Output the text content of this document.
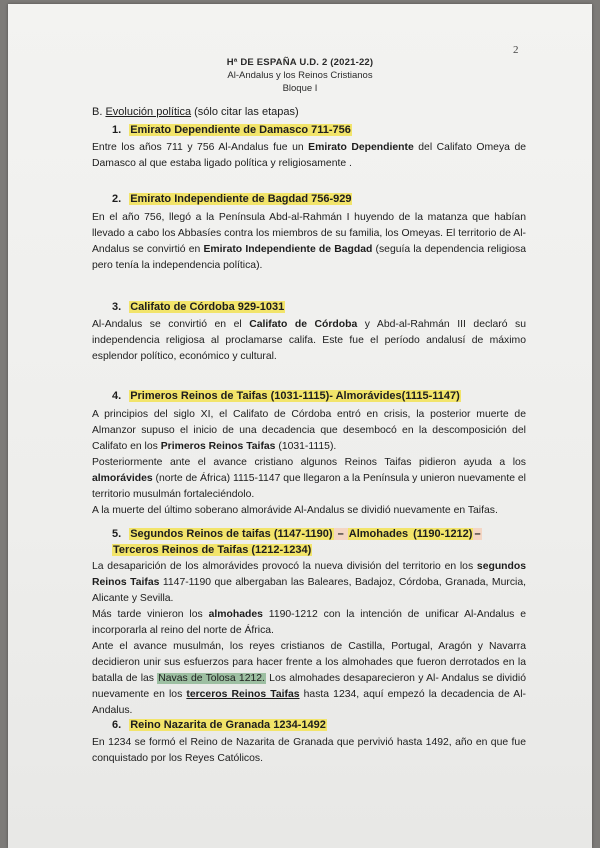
2
Hª DE ESPAÑA U.D. 2 (2021-22)
Al-Andalus y los Reinos Cristianos
Bloque I
B. Evolución política (sólo citar las etapas)
1. Emirato Dependiente de Damasco 711-756
Entre los años 711 y 756 Al-Andalus fue un Emirato Dependiente del Califato Omeya de Damasco al que estaba ligado política y religiosamente .
2. Emirato Independiente de Bagdad 756-929
En el año 756, llegó a la Península Abd-al-Rahmán I huyendo de la matanza que habían llevado a cabo los Abbasíes contra los miembros de su familia, los Omeyas. El territorio de Al-Andalus se convirtió en Emirato Independiente de Bagdad (seguía la dependencia religiosa pero tenía la independencia política).
3. Califato de Córdoba 929-1031
Al-Andalus se convirtió en el Califato de Córdoba y Abd-al-Rahmán III declaró su independencia religiosa al proclamarse califa. Este fue el período andalusí de máximo esplendor político, económico y cultural.
4. Primeros Reinos de Taifas (1031-1115)- Almorávides(1115-1147)
A principios del siglo XI, el Califato de Córdoba entró en crisis, la posterior muerte de Almanzor supuso el inicio de una decadencia que desembocó en la descomposición del Califato en los Primeros Reinos Taifas (1031-1115).
Posteriormente ante el avance cristiano algunos Reinos Taifas pidieron ayuda a los almorávides (norte de África) 1115-1147 que llegaron a la Península y unieron nuevamente el territorio musulmán fortaleciéndolo.
A la muerte del último soberano almorávide Al-Andalus se dividió nuevamente en Taifas.
5. Segundos Reinos de taifas (1147-1190) – Almohades (1190-1212) – Terceros Reinos de Taifas (1212-1234)
La desaparición de los almorávides provocó la nueva división del territorio en los segundos Reinos Taifas 1147-1190 que albergaban las Baleares, Badajoz, Córdoba, Granada, Murcia, Alicante y Sevilla.
Más tarde vinieron los almohades 1190-1212 con la intención de unificar Al-Andalus e incorporarla al reino del norte de África.
Ante el avance musulmán, los reyes cristianos de Castilla, Portugal, Aragón y Navarra decidieron unir sus esfuerzos para hacer frente a los almohades que fueron derrotados en la batalla de las Navas de Tolosa 1212. Los almohades desaparecieron y Al- Andalus se dividió nuevamente en los terceros Reinos Taifas hasta 1234, aquí empezó la decadencia de Al-Andalus.
6. Reino Nazarita de Granada 1234-1492
En 1234 se formó el Reino de Nazarita de Granada que pervivió hasta 1492, año en que fue conquistado por los Reyes Católicos.
